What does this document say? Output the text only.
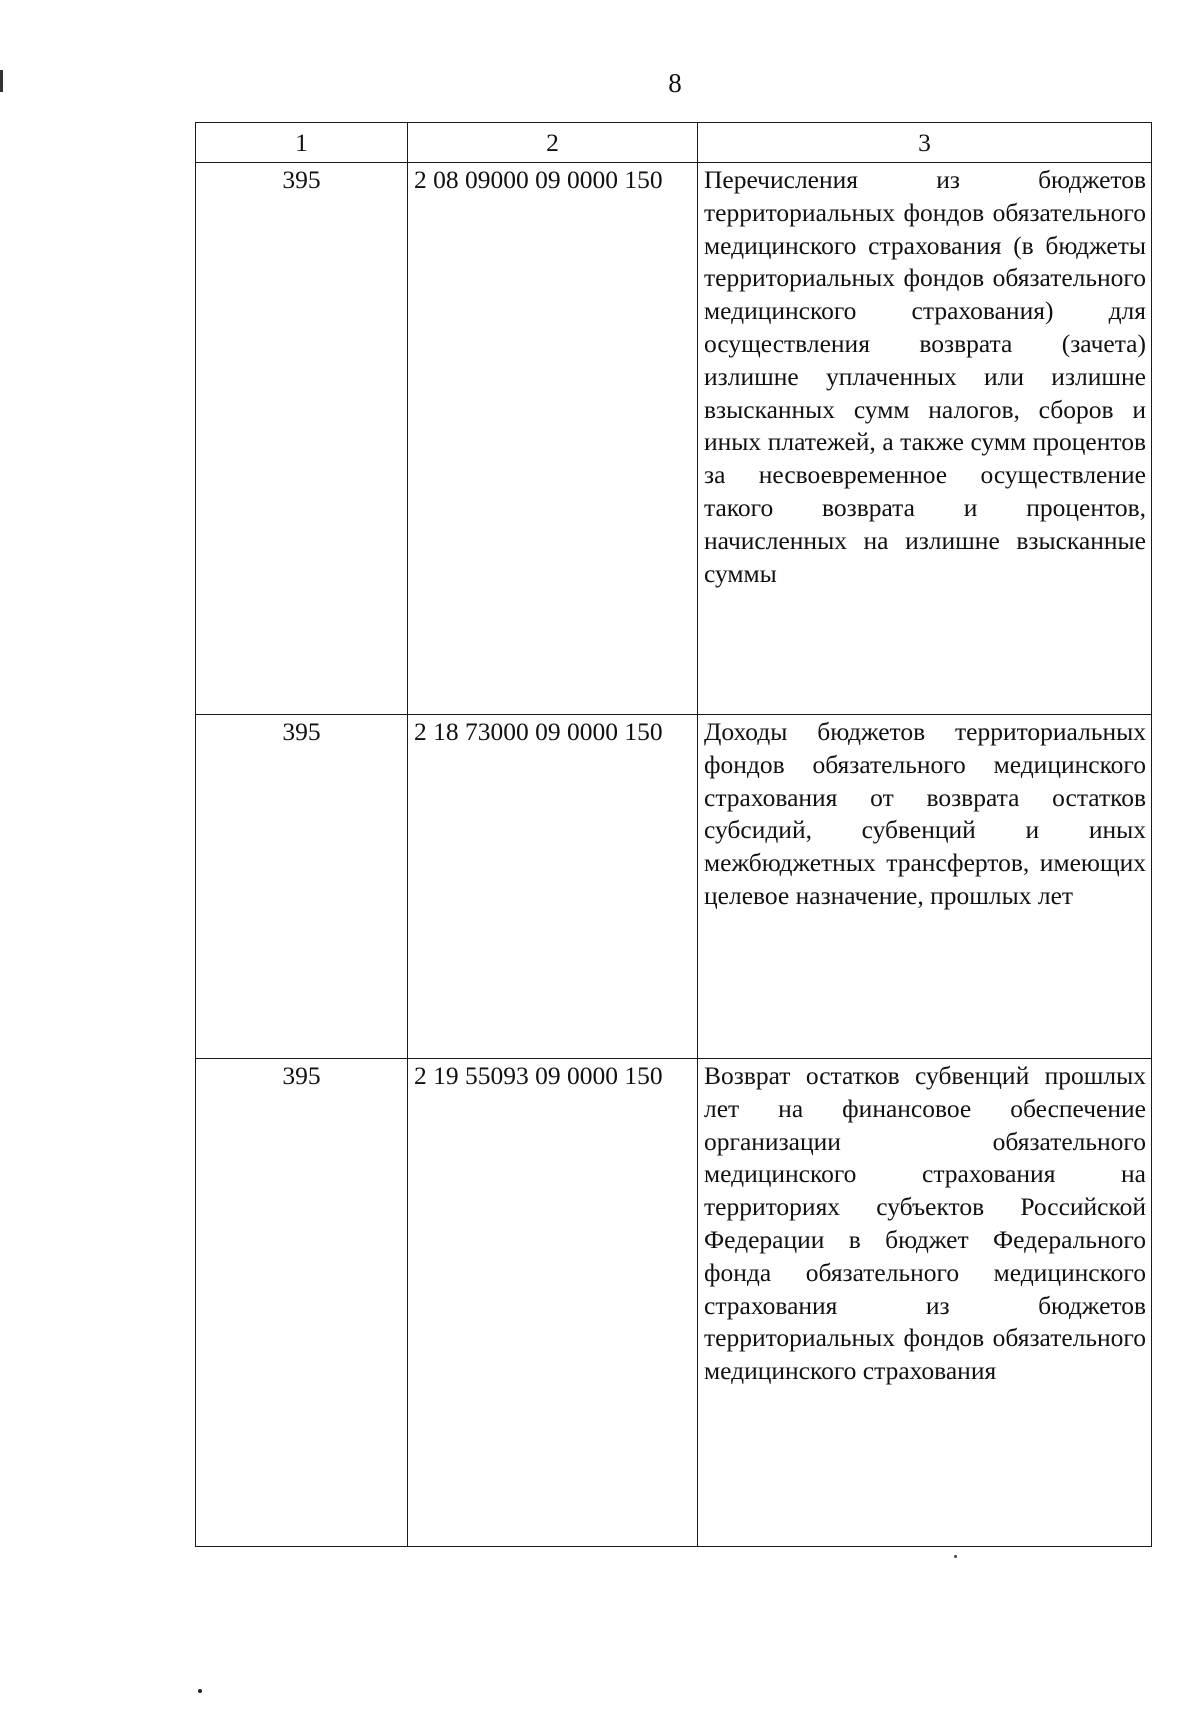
8
1	2	3
395	2 08 09000 09 0000 150	Перечисления из бюджетов территориальных фондов обязательного медицинского страхования (в бюджеты территориальных фондов обязательного медицинского страхования) для осуществления возврата (зачета) излишне уплаченных или излишне взысканных сумм налогов, сборов и иных платежей, а также сумм процентов за несвоевременное осуществление такого возврата и процентов, начисленных на излишне взысканные суммы
395	2 18 73000 09 0000 150	Доходы бюджетов территориальных фондов обязательного медицинского страхования от возврата остатков субсидий, субвенций и иных межбюджетных трансфертов, имеющих целевое назначение, прошлых лет
395	2 19 55093 09 0000 150	Возврат остатков субвенций прошлых лет на финансовое обеспечение организации обязательного медицинского страхования на территориях субъектов Российской Федерации в бюджет Федерального фонда обязательного медицинского страхования из бюджетов территориальных фондов обязательного медицинского страхования
